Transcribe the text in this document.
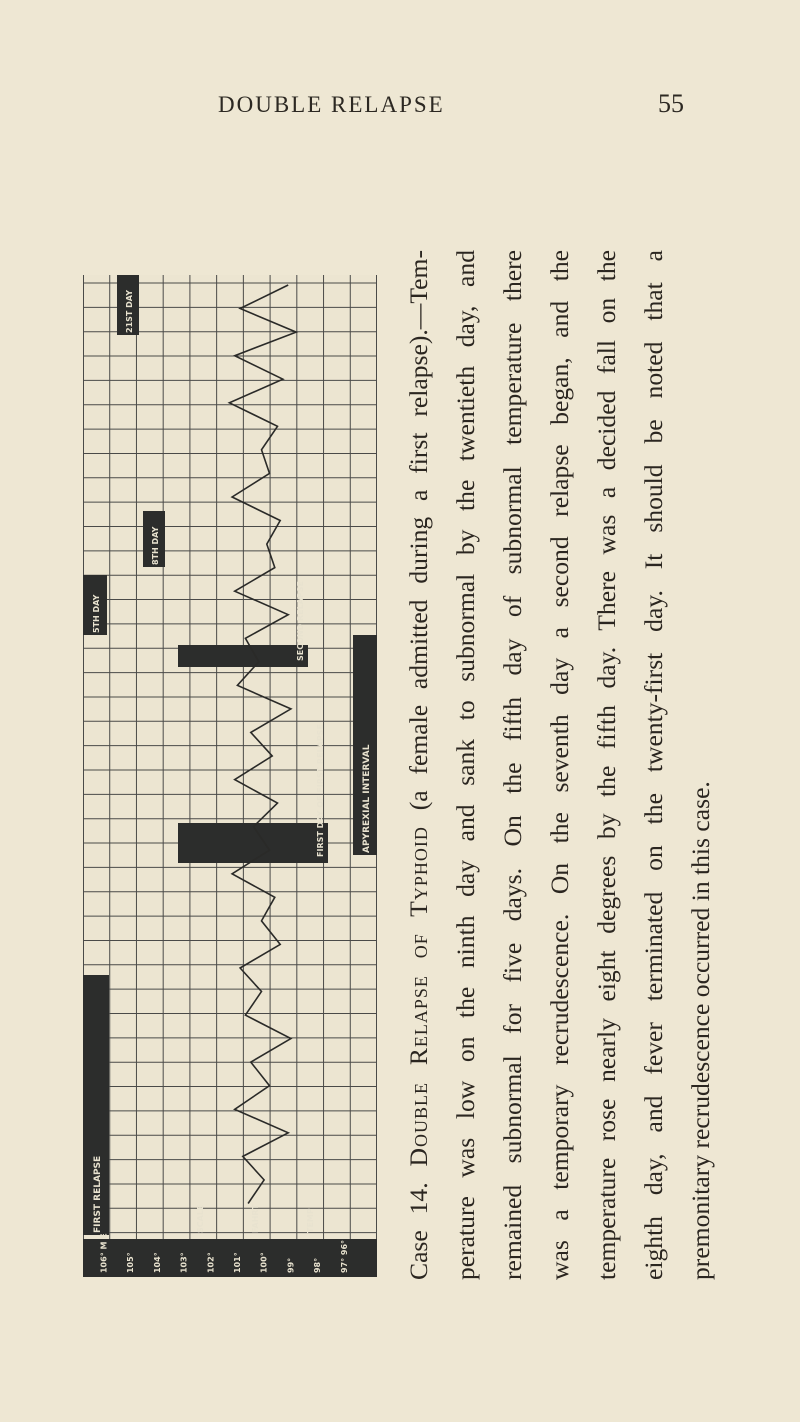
DOUBLE RELAPSE	55
106° M E 105° 104° 103° 102° 101° 100° 99° 98° 97° 96°
SCALE	FAHRT	TEMP
FIRST RELAPSE
APYREXIAL INTERVAL
SECOND RELAPSE
FIRST DAY OF FIRST RELAPSE
5TH DAY
8TH DAY
21ST DAY
Case 14. Double Relapse of Typhoid (a female admitted during a first relapse).—Tem- perature was low on the ninth day and sank to subnormal by the twentieth day, and remained subnormal for five days. On the fifth day of subnormal temperature there was a temporary recrudescence. On the seventh day a second relapse began, and the temperature rose nearly eight degrees by the fifth day. There was a decided fall on the eighth day, and fever terminated on the twenty-first day. It should be noted that a premonitary recrudescence occurred in this case.
